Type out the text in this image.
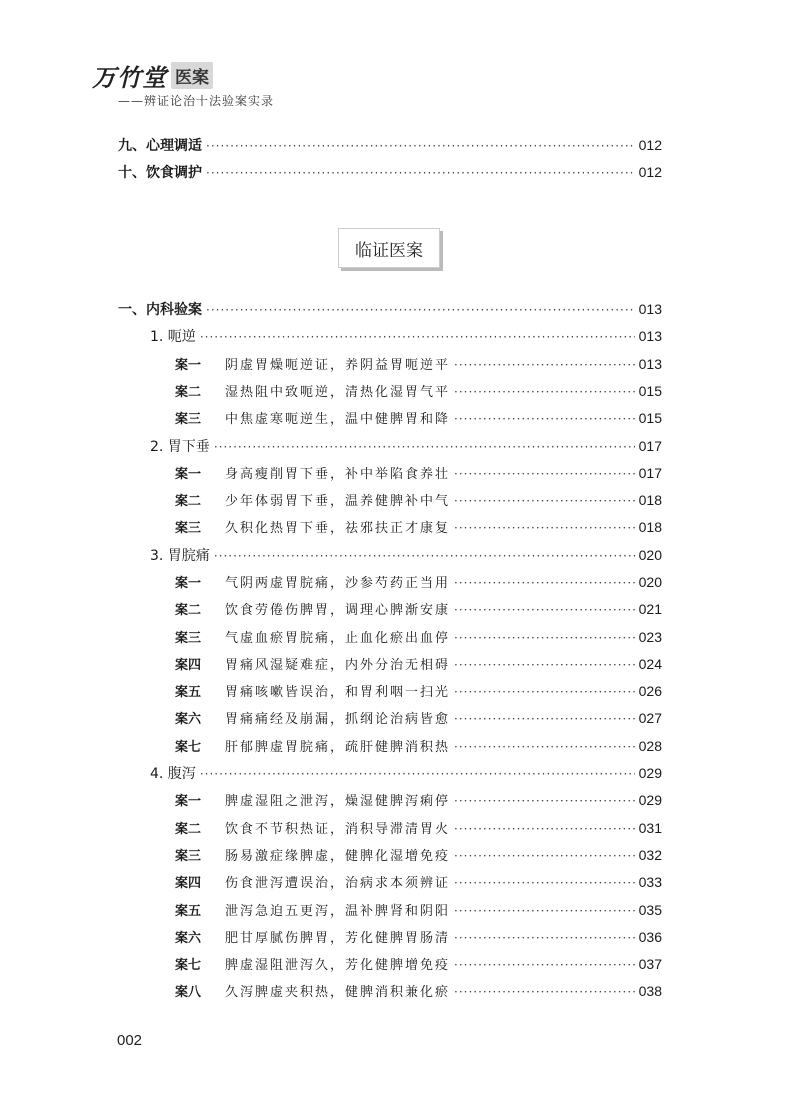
万竹堂 医案
——辨证论治十法验案实录
九、心理调适 ·····	012
十、饮食调护 ·····	012
一、内科验案 ·····	013
1. 呃逆 ·····	013
案一	阴虚胃燥呃逆证，养阴益胃呃逆平 ·····	013
案二	湿热阻中致呃逆，清热化湿胃气平 ·····	015
案三	中焦虚寒呃逆生，温中健脾胃和降 ·····	015
2. 胃下垂 ·····	017
案一	身高瘦削胃下垂，补中举陷食养壮 ·····	017
案二	少年体弱胃下垂，温养健脾补中气 ·····	018
案三	久积化热胃下垂，祛邪扶正才康复 ·····	018
3. 胃脘痛 ·····	020
案一	气阴两虚胃脘痛，沙参芍药正当用 ·····	020
案二	饮食劳倦伤脾胃，调理心脾渐安康 ·····	021
案三	气虚血瘀胃脘痛，止血化瘀出血停 ·····	023
案四	胃痛风湿疑难症，内外分治无相碍 ·····	024
案五	胃痛咳嗽皆误治，和胃利咽一扫光 ·····	026
案六	胃痛痛经及崩漏，抓纲论治病皆愈 ·····	027
案七	肝郁脾虚胃脘痛，疏肝健脾消积热 ·····	028
4. 腹泻 ·····	029
案一	脾虚湿阻之泄泻，燥湿健脾泻痢停 ·····	029
案二	饮食不节积热证，消积导滞清胃火 ·····	031
案三	肠易激症缘脾虚，健脾化湿增免疫 ·····	032
案四	伤食泄泻遭误治，治病求本须辨证 ·····	033
案五	泄泻急迫五更泻，温补脾肾和阴阳 ·····	035
案六	肥甘厚腻伤脾胃，芳化健脾胃肠清 ·····	036
案七	脾虚湿阻泄泻久，芳化健脾增免疫 ·····	037
案八	久泻脾虚夹积热，健脾消积兼化瘀 ·····	038
临证医案
002
